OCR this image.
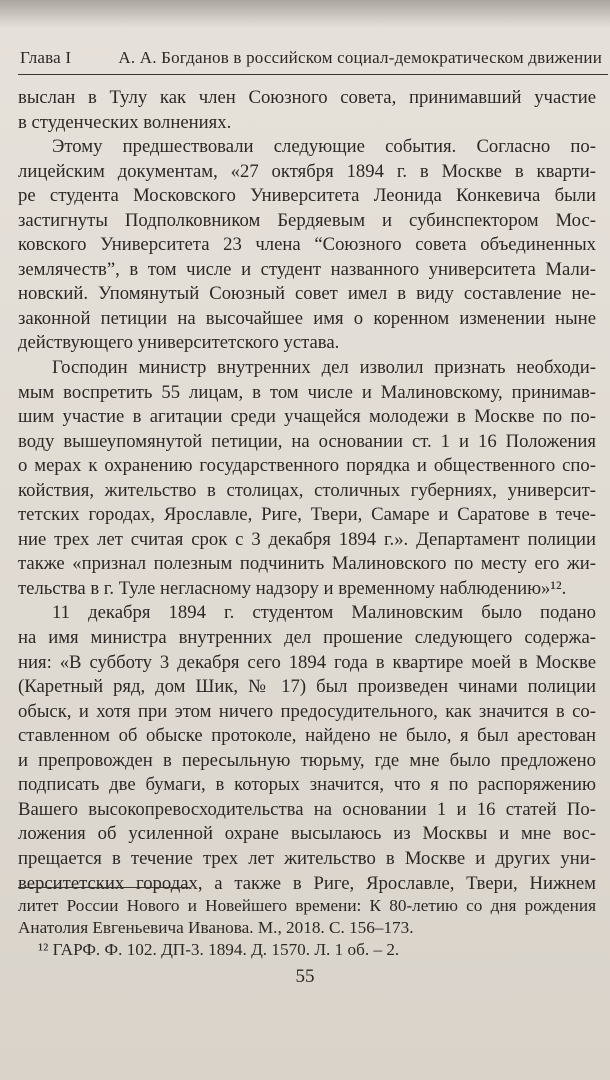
Глава I	А. А. Богданов в российском социал-демократическом движении
выслан в Тулу как член Союзного совета, принимавший участие
в студенческих волнениях.
Этому предшествовали следующие события. Согласно по-
лицейским документам, «27 октября 1894 г. в Москве в кварти-
ре студента Московского Университета Леонида Конкевича были
застигнуты Подполковником Бердяевым и субинспектором Мос-
ковского Университета 23 члена “Союзного совета объединенных
землячеств”, в том числе и студент названного университета Мали-
новский. Упомянутый Союзный совет имел в виду составление не-
законной петиции на высочайшее имя о коренном изменении ныне
действующего университетского устава.
Господин министр внутренних дел изволил признать необходи-
мым воспретить 55 лицам, в том числе и Малиновскому, принимав-
шим участие в агитации среди учащейся молодежи в Москве по по-
воду вышеупомянутой петиции, на основании ст. 1 и 16 Положения
о мерах к охранению государственного порядка и общественного спо-
койствия, жительство в столицах, столичных губерниях, университ-
тетских городах, Ярославле, Риге, Твери, Самаре и Саратове в тече-
ние трех лет считая срок с 3 декабря 1894 г.». Департамент полиции
также «признал полезным подчинить Малиновского по месту его жи-
тельства в г. Туле негласному надзору и временному наблюдению»¹².
11 декабря 1894 г. студентом Малиновским было подано
на имя министра внутренних дел прошение следующего содержа-
ния: «В субботу 3 декабря сего 1894 года в квартире моей в Москве
(Каретный ряд, дом Шик, № 17) был произведен чинами полиции
обыск, и хотя при этом ничего предосудительного, как значится в со-
ставленном об обыске протоколе, найдено не было, я был арестован
и препровожден в пересыльную тюрьму, где мне было предложено
подписать две бумаги, в которых значится, что я по распоряжению
Вашего высокопревосходительства на основании 1 и 16 статей По-
ложения об усиленной охране высылаюсь из Москвы и мне вос-
прещается в течение трех лет жительство в Москве и других уни-
верситетских городах, а также в Риге, Ярославле, Твери, Нижнем
литет России Нового и Новейшего времени: К 80-летию со дня рождения
Анатолия Евгеньевича Иванова. М., 2018. С. 156–173.
¹² ГАРФ. Ф. 102. ДП-3. 1894. Д. 1570. Л. 1 об. – 2.
55
